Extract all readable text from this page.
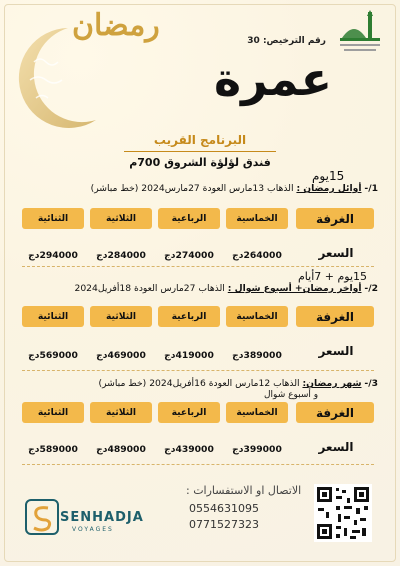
رمضان
عمرة
رقم الترخيص: 30
البرنامج القريب
فندق لؤلؤة الشروق 700م
15يوم
1/- أوائل رمضان : الذهاب 13مارس العودة 27مارس2024 (خط مباشر)
الغرفة
الخماسية
الرباعية
الثلاثية
الثنائية
السعر
264000دج
274000دج
284000دج
294000دج
15يوم + 7أيام
2/- أواخر رمضان+ أسبوع شوال : الذهاب 27مارس العودة 18أفريل2024
الغرفة
الخماسية
الرباعية
الثلاثية
الثنائية
السعر
389000دج
419000دج
469000دج
569000دج
3/- شهر رمضان: الذهاب 12مارس العودة 16أفريل2024 (خط مباشر)
و أسبوع شوال
الغرفة
الخماسية
الرباعية
الثلاثية
الثنائية
السعر
399000دج
439000دج
489000دج
589000دج
SENHADJA
VOYAGES
الاتصال او الاستفسارات :
0554631095
0771527323
